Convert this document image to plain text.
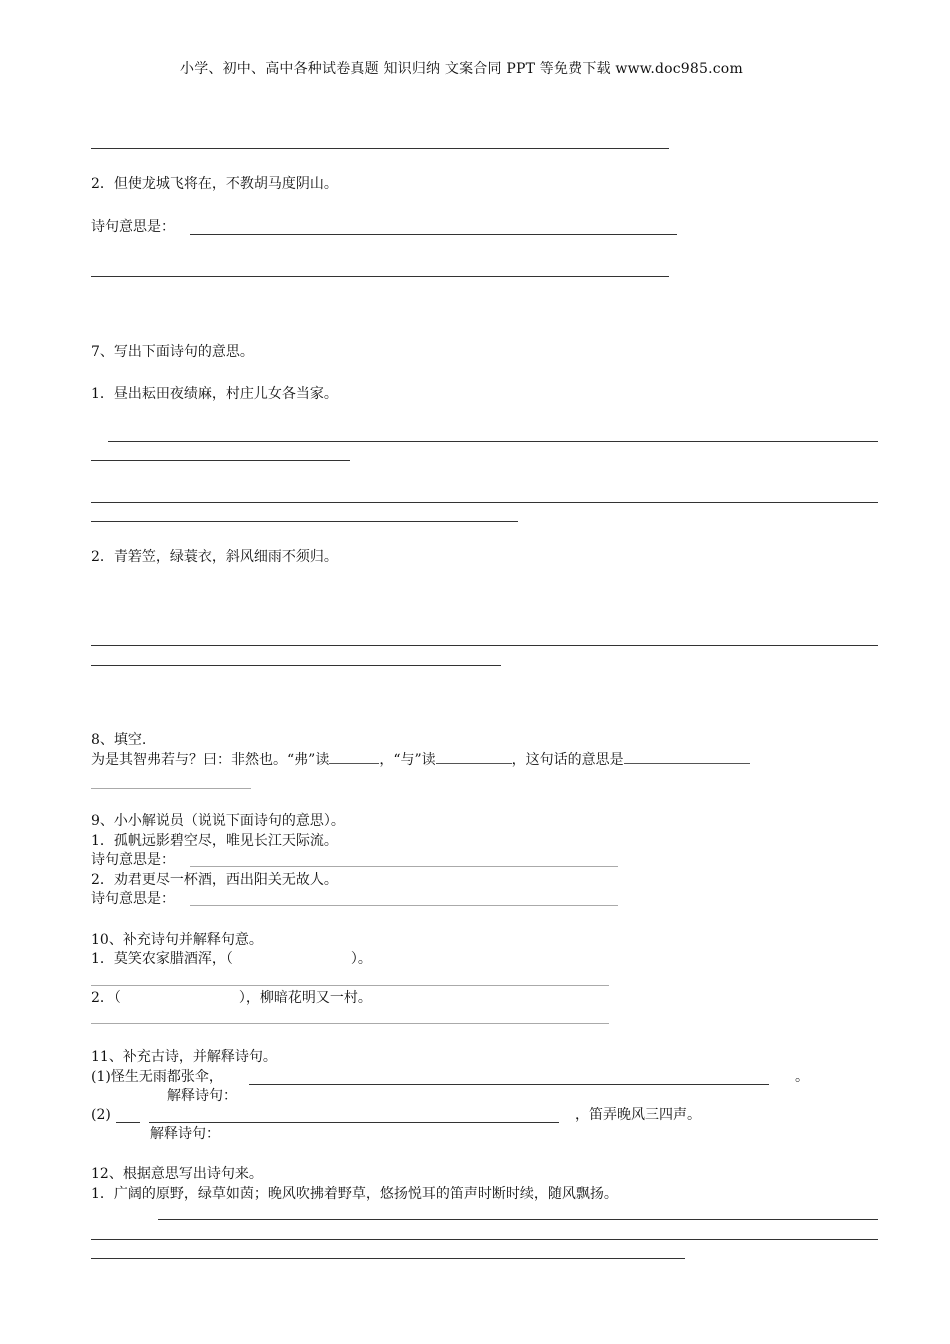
小学、初中、高中各种试卷真题 知识归纳 文案合同 PPT 等免费下载 www.doc985.com
2．但使龙城飞将在，不教胡马度阴山。
诗句意思是：
7、写出下面诗句的意思。
1．昼出耘田夜绩麻，村庄儿女各当家。
2．青箬笠，绿蓑衣，斜风细雨不须归。
8、填空.
为是其智弗若与？曰：非然也。“弗”读	，“与”读	，这句话的意思是
9、小小解说员（说说下面诗句的意思）。
1．孤帆远影碧空尽，唯见长江天际流。
诗句意思是：
2．劝君更尽一杯酒，西出阳关无故人。
诗句意思是：
10、补充诗句并解释句意。
1．莫笑农家腊酒浑，（	）。
2．（	），柳暗花明又一村。
11、补充古诗，并解释诗句。
(1)怪生无雨都张伞，	。
解释诗句：
(2)	，笛弄晚风三四声。
解释诗句：
12、根据意思写出诗句来。
1．广阔的原野，绿草如茵；晚风吹拂着野草，悠扬悦耳的笛声时断时续，随风飘扬。
